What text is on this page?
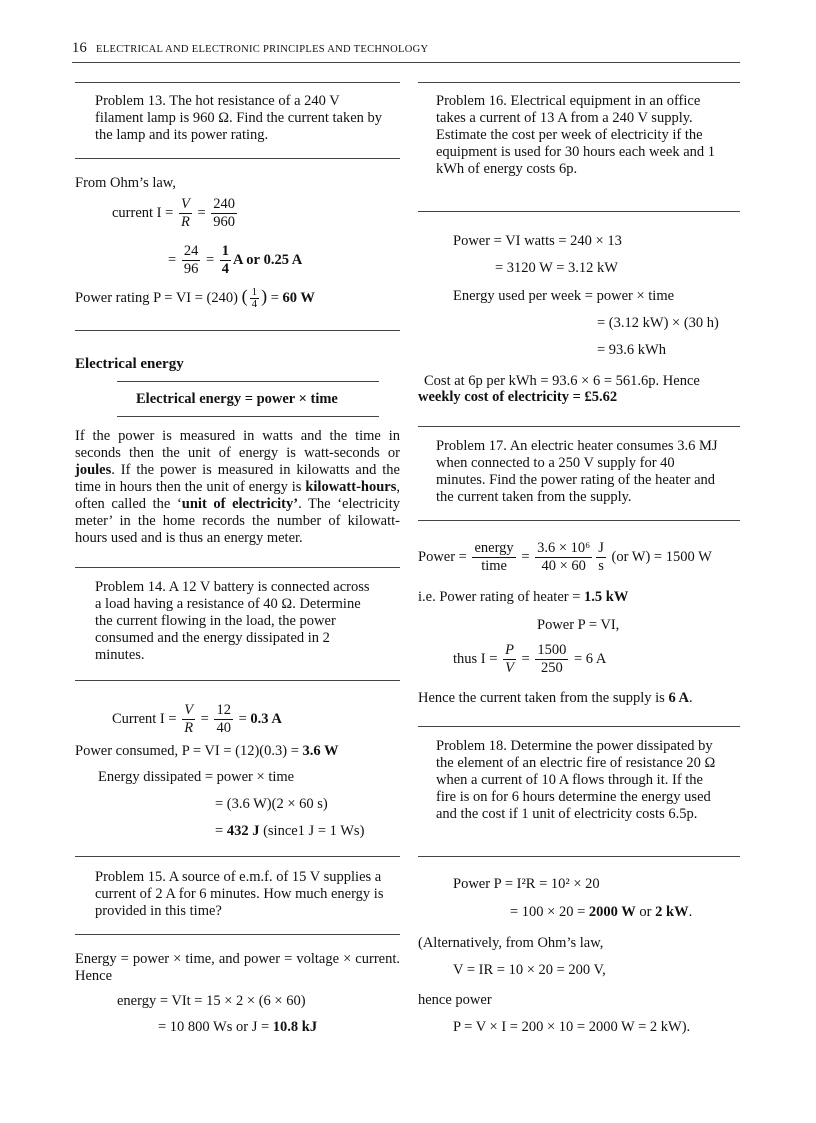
16 ELECTRICAL AND ELECTRONIC PRINCIPLES AND TECHNOLOGY
Problem 13. The hot resistance of a 240 V filament lamp is 960 Ω. Find the current taken by the lamp and its power rating.
From Ohm’s law,
current $I = \frac{V}{R} = \frac{240}{960}$
= $\frac{24}{96} = \frac{1}{4}$ A or 0.25 A
Power rating P = VI = (240) ( $\frac{1}{4}$ ) = 60 W
Electrical energy
Electrical energy = power × time
If the power is measured in watts and the time in seconds then the unit of energy is watt-seconds or joules. If the power is measured in kilowatts and the time in hours then the unit of energy is kilowatt-hours, often called the ‘unit of electricity’. The ‘electricity meter’ in the home records the number of kilowatt-hours used and is thus an energy meter.
Problem 14. A 12 V battery is connected across a load having a resistance of 40 Ω. Determine the current flowing in the load, the power consumed and the energy dissipated in 2 minutes.
Current $I = \frac{V}{R} = \frac{12}{40} = 0.3$ A
Power consumed, P = VI = (12)(0.3) = 3.6 W
Energy dissipated = power × time
= (3.6 W)(2 × 60 s)
= 432 J (since1 J = 1 Ws)
Problem 15. A source of e.m.f. of 15 V supplies a current of 2 A for 6 minutes. How much energy is provided in this time?
Energy = power × time, and power = voltage × current. Hence
energy = VIt = 15 × 2 × (6 × 60)
= 10 800 Ws or J = 10.8 kJ
Problem 16. Electrical equipment in an office takes a current of 13 A from a 240 V supply. Estimate the cost per week of electricity if the equipment is used for 30 hours each week and 1 kWh of energy costs 6p.
Power = VI watts = 240 × 13
= 3120 W = 3.12 kW
Energy used per week = power × time
= (3.12 kW) × (30 h)
= 93.6 kWh
Cost at 6p per kWh = 93.6 × 6 = 561.6p. Hence
weekly cost of electricity = £5.62
Problem 17. An electric heater consumes 3.6 MJ when connected to a 250 V supply for 40 minutes. Find the power rating of the heater and the current taken from the supply.
Power = $\frac{\text{energy}}{\text{time}} = \frac{\text{3.6 × 10⁶}}{40 \times 60} \frac{J}{s} (or$ W) = 1500 W
i.e. Power rating of heater = 1.5 kW
Power P = VI,
thus $I = \frac{P}{V} = \frac{1500}{250} = 6$ A
Hence the current taken from the supply is 6 A.
Problem 18. Determine the power dissipated by the element of an electric fire of resistance 20 Ω when a current of 10 A flows through it. If the fire is on for 6 hours determine the energy used and the cost if 1 unit of electricity costs 6.5p.
Power P = I²R = 10² × 20
= 100 × 20 = 2000 W or 2 kW.
(Alternatively, from Ohm’s law,
V = IR = 10 × 20 = 200 V,
hence power
P = V × I = 200 × 10 = 2000 W = 2 kW).
